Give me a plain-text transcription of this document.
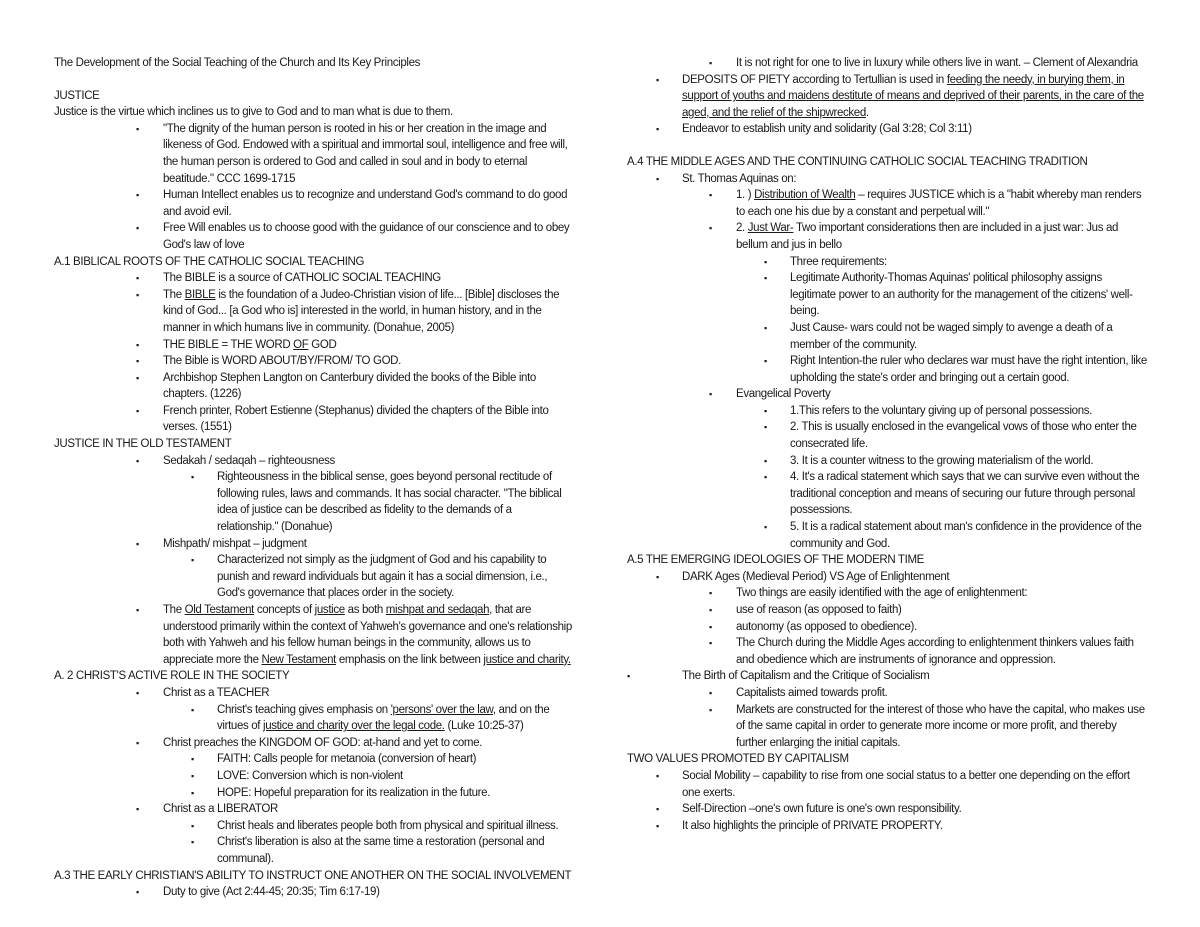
The Development of the Social Teaching of the Church and Its Key Principles
JUSTICE
Justice is the virtue which inclines us to give to God and to man what is due to them.
▪ "The dignity of the human person is rooted in his or her creation in the image and likeness of God. Endowed with a spiritual and immortal soul, intelligence and free will, the human person is ordered to God and called in soul and in body to eternal beatitude." CCC 1699-1715
▪ Human Intellect enables us to recognize and understand God's command to do good and avoid evil.
▪ Free Will enables us to choose good with the guidance of our conscience and to obey God's law of love
A.1 BIBLICAL ROOTS OF THE CATHOLIC SOCIAL TEACHING
▪ The BIBLE is a source of CATHOLIC SOCIAL TEACHING
▪ The BIBLE is the foundation of a Judeo-Christian vision of life... [Bible] discloses the kind of God... [a God who is] interested in the world, in human history, and in the manner in which humans live in community. (Donahue, 2005)
▪ THE BIBLE = THE WORD OF GOD
▪ The Bible is WORD ABOUT/BY/FROM/ TO GOD.
▪ Archbishop Stephen Langton on Canterbury divided the books of the Bible into chapters. (1226)
▪ French printer, Robert Estienne (Stephanus) divided the chapters of the Bible into verses. (1551)
JUSTICE IN THE OLD TESTAMENT
▪ Sedakah / sedaqah – righteousness
▪ Righteousness in the biblical sense, goes beyond personal rectitude of following rules, laws and commands. It has social character. "The biblical idea of justice can be described as fidelity to the demands of a relationship." (Donahue)
▪ Mishpath/ mishpat – judgment
▪ Characterized not simply as the judgment of God and his capability to punish and reward individuals but again it has a social dimension, i.e., God's governance that places order in the society.
▪ The Old Testament concepts of justice as both mishpat and sedaqah, that are understood primarily within the context of Yahweh's governance and one's relationship both with Yahweh and his fellow human beings in the community, allows us to appreciate more the New Testament emphasis on the link between justice and charity.
A. 2 CHRIST'S ACTIVE ROLE IN THE SOCIETY
▪ Christ as a TEACHER
▪ Christ's teaching gives emphasis on 'persons' over the law, and on the virtues of justice and charity over the legal code. (Luke 10:25-37)
▪ Christ preaches the KINGDOM OF GOD: at-hand and yet to come.
▪ FAITH: Calls people for metanoia (conversion of heart)
▪ LOVE: Conversion which is non-violent
▪ HOPE: Hopeful preparation for its realization in the future.
▪ Christ as a LIBERATOR
▪ Christ heals and liberates people both from physical and spiritual illness.
▪ Christ's liberation is also at the same time a restoration (personal and communal).
A.3 THE EARLY CHRISTIAN'S ABILITY TO INSTRUCT ONE ANOTHER ON THE SOCIAL INVOLVEMENT
▪ Duty to give (Act 2:44-45; 20:35; Tim 6:17-19)
▪ It is not right for one to live in luxury while others live in want. – Clement of Alexandria
▪ DEPOSITS OF PIETY according to Tertullian is used in feeding the needy, in burying them, in support of youths and maidens destitute of means and deprived of their parents, in the care of the aged, and the relief of the shipwrecked.
▪ Endeavor to establish unity and solidarity (Gal 3:28; Col 3:11)
A.4 THE MIDDLE AGES AND THE CONTINUING CATHOLIC SOCIAL TEACHING TRADITION
▪ St. Thomas Aquinas on:
▪ 1. ) Distribution of Wealth – requires JUSTICE which is a "habit whereby man renders to each one his due by a constant and perpetual will."
▪ 2. Just War- Two important considerations then are included in a just war: Jus ad bellum and jus in bello
▪ Three requirements:
▪ Legitimate Authority-Thomas Aquinas' political philosophy assigns legitimate power to an authority for the management of the citizens' well-being.
▪ Just Cause- wars could not be waged simply to avenge a death of a member of the community.
▪ Right Intention-the ruler who declares war must have the right intention, like upholding the state's order and bringing out a certain good.
▪ Evangelical Poverty
▪ 1.This refers to the voluntary giving up of personal possessions.
▪ 2. This is usually enclosed in the evangelical vows of those who enter the consecrated life.
▪ 3. It is a counter witness to the growing materialism of the world.
▪ 4. It's a radical statement which says that we can survive even without the traditional conception and means of securing our future through personal possessions.
▪ 5. It is a radical statement about man's confidence in the providence of the community and God.
A.5 THE EMERGING IDEOLOGIES OF THE MODERN TIME
▪ DARK Ages (Medieval Period) VS Age of Enlightenment
▪ Two things are easily identified with the age of enlightenment:
▪ use of reason (as opposed to faith)
▪ autonomy (as opposed to obedience).
▪ The Church during the Middle Ages according to enlightenment thinkers values faith and obedience which are instruments of ignorance and oppression.
▪	The Birth of Capitalism and the Critique of Socialism
▪ Capitalists aimed towards profit.
▪ Markets are constructed for the interest of those who have the capital, who makes use of the same capital in order to generate more income or more profit, and thereby further enlarging the initial capitals.
TWO VALUES PROMOTED BY CAPITALISM
▪ Social Mobility – capability to rise from one social status to a better one depending on the effort one exerts.
▪ Self-Direction –one's own future is one's own responsibility.
▪ It also highlights the principle of PRIVATE PROPERTY.
